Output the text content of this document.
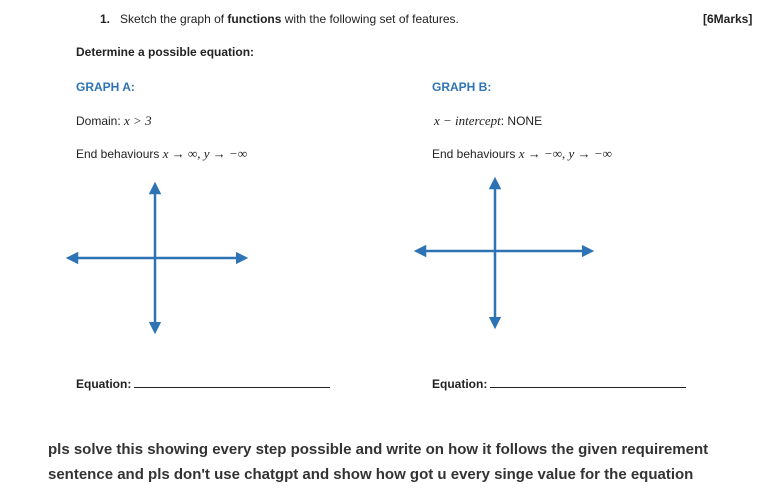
1. Sketch the graph of functions with the following set of features.	[6Marks]
Determine a possible equation:
GRAPH A:
Domain: x > 3
End behaviours x → ∞, y → −∞
Equation:
GRAPH B:
x − intercept: NONE
End behaviours x → −∞, y → −∞
Equation:
pls solve this showing every step possible and write on how it follows the given requirement
sentence and pls don't use chatgpt and show how got u every singe value for the equation
